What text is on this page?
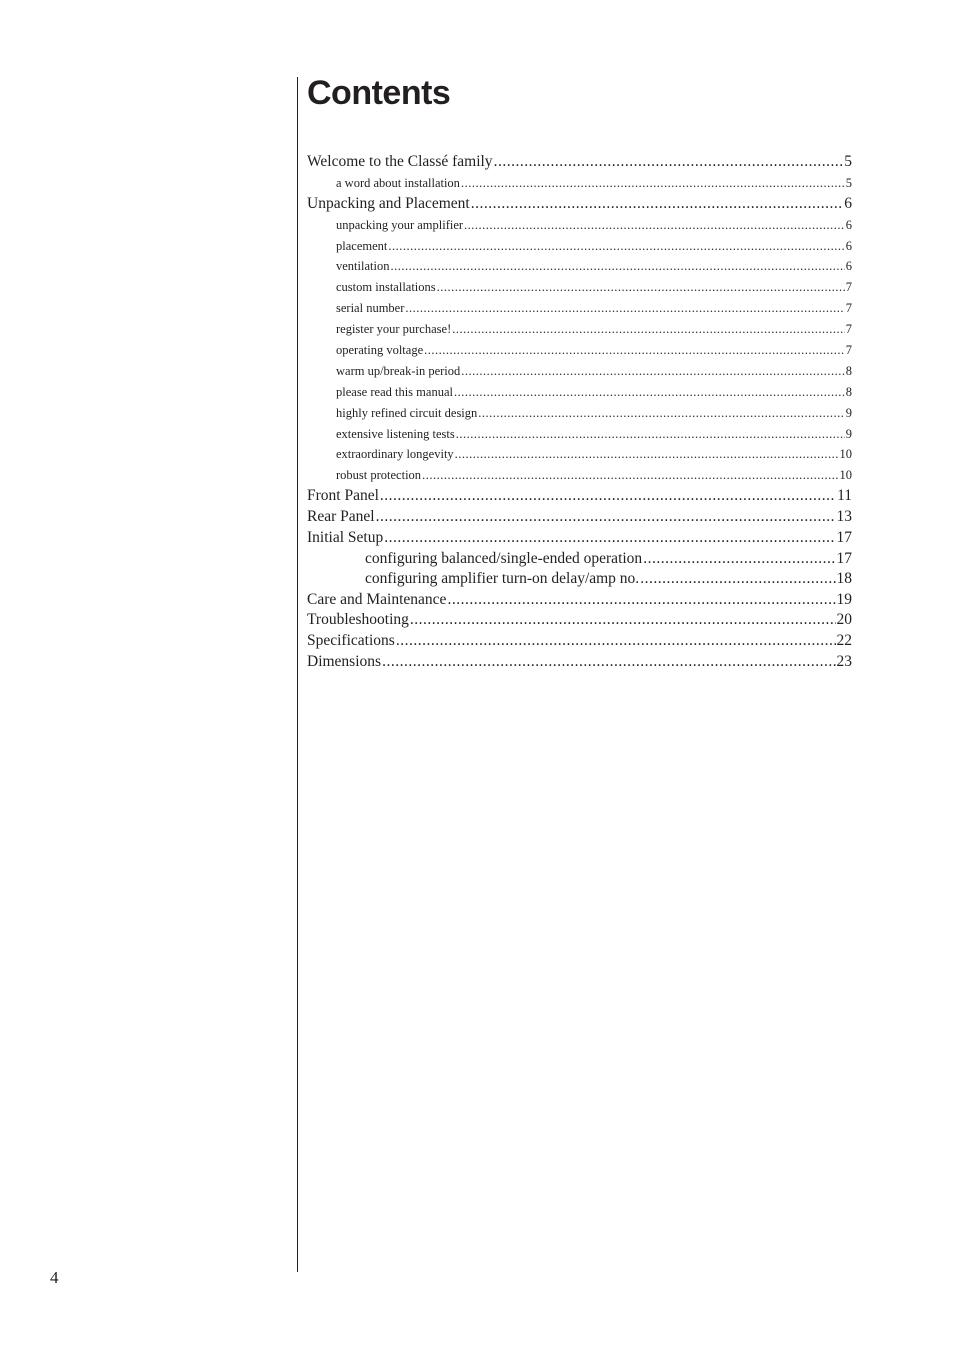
Contents
Welcome to the Classé family .....	5
a word about installation .....	5
Unpacking and Placement .....	6
unpacking your amplifier .....	6
placement .....	6
ventilation .....	6
custom installations .....	7
serial number .....	7
register your purchase! .....	7
operating voltage .....	7
warm up/break-in period .....	8
please read this manual .....	8
highly refined circuit design .....	9
extensive listening tests .....	9
extraordinary longevity .....	10
robust protection .....	10
Front Panel .....	11
Rear Panel .....	13
Initial Setup .....	17
configuring balanced/single-ended operation .....	17
configuring amplifier turn-on delay/amp no. .....	18
Care and Maintenance .....	19
Troubleshooting .....	20
Specifications .....	22
Dimensions .....	23
4
